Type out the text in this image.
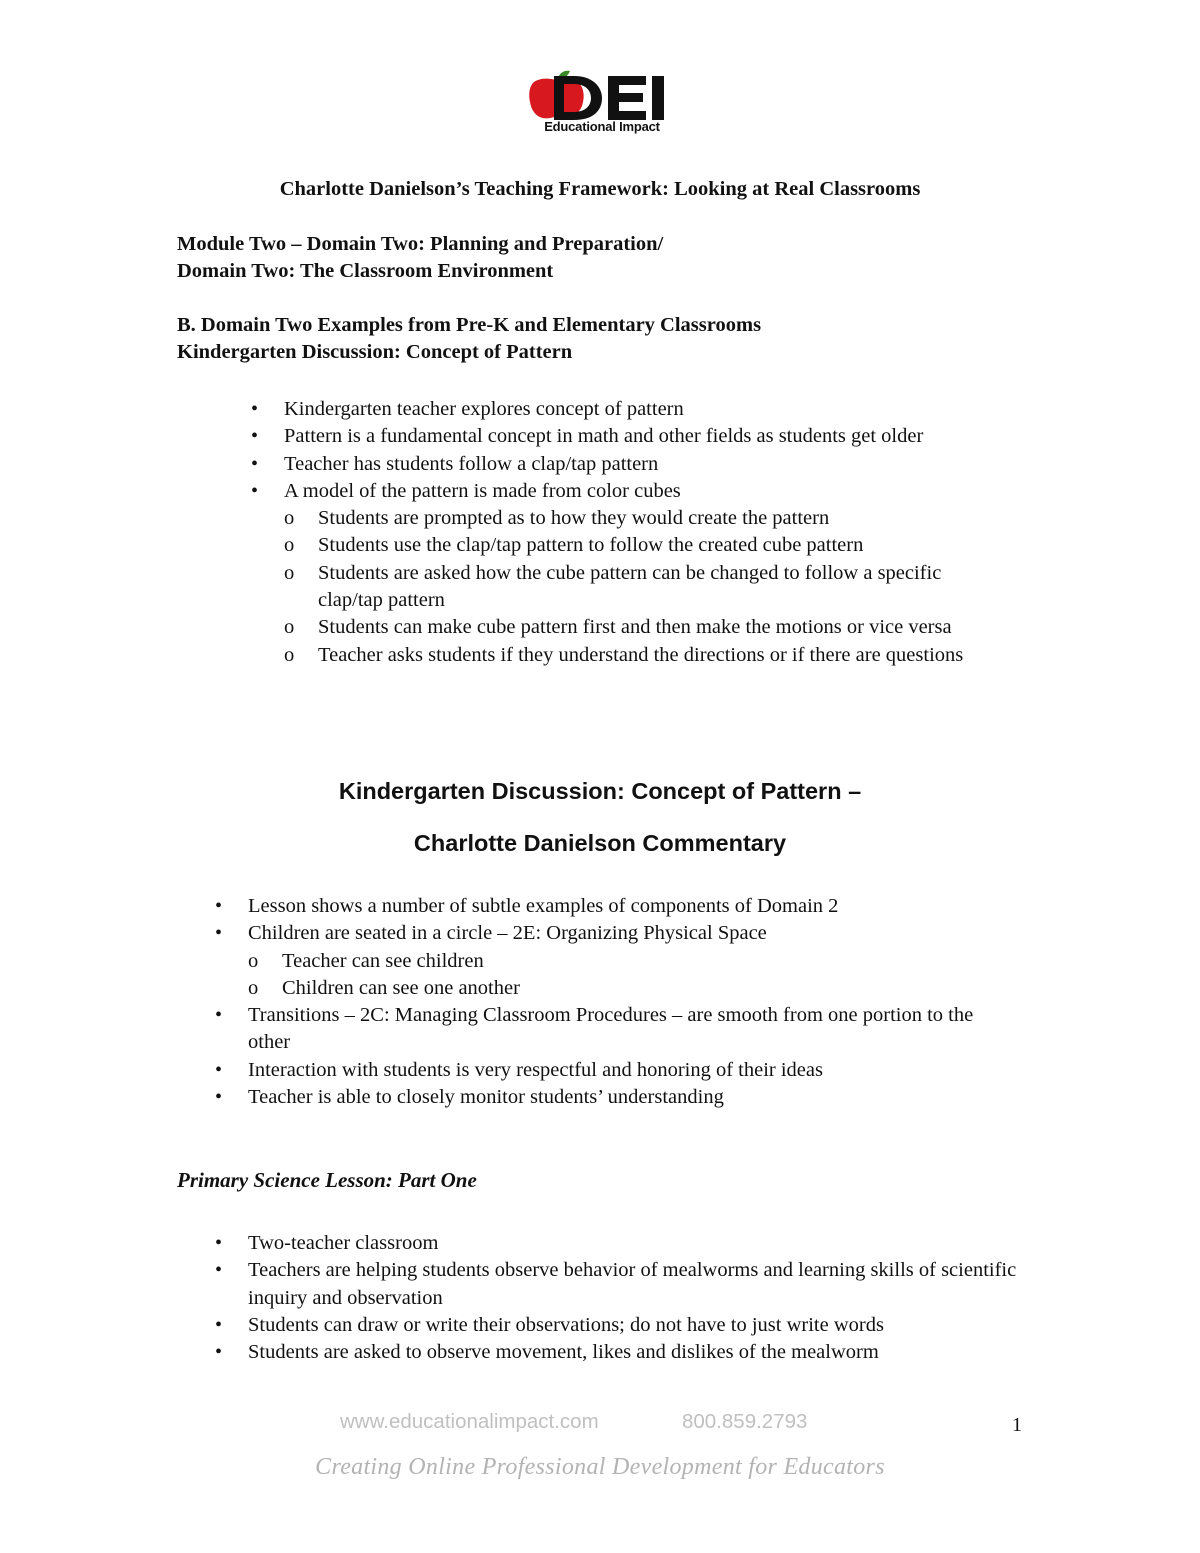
Educational Impact
Charlotte Danielson’s Teaching Framework: Looking at Real Classrooms
Module Two – Domain Two: Planning and Preparation/
Domain Two: The Classroom Environment
B. Domain Two Examples from Pre-K and Elementary Classrooms
Kindergarten Discussion: Concept of Pattern
• Kindergarten teacher explores concept of pattern
• Pattern is a fundamental concept in math and other fields as students get older
• Teacher has students follow a clap/tap pattern
• A model of the pattern is made from color cubes
o Students are prompted as to how they would create the pattern
o Students use the clap/tap pattern to follow the created cube pattern
o Students are asked how the cube pattern can be changed to follow a specific clap/tap pattern
o Students can make cube pattern first and then make the motions or vice versa
o Teacher asks students if they understand the directions or if there are questions
Kindergarten Discussion: Concept of Pattern –
Charlotte Danielson Commentary
• Lesson shows a number of subtle examples of components of Domain 2
• Children are seated in a circle – 2E: Organizing Physical Space
o Teacher can see children
o Children can see one another
• Transitions – 2C: Managing Classroom Procedures – are smooth from one portion to the other
• Interaction with students is very respectful and honoring of their ideas
• Teacher is able to closely monitor students’ understanding
Primary Science Lesson: Part One
• Two-teacher classroom
• Teachers are helping students observe behavior of mealworms and learning skills of scientific inquiry and observation
• Students can draw or write their observations; do not have to just write words
• Students are asked to observe movement, likes and dislikes of the mealworm
www.educationalimpact.com	800.859.2793	1
Creating Online Professional Development for Educators
